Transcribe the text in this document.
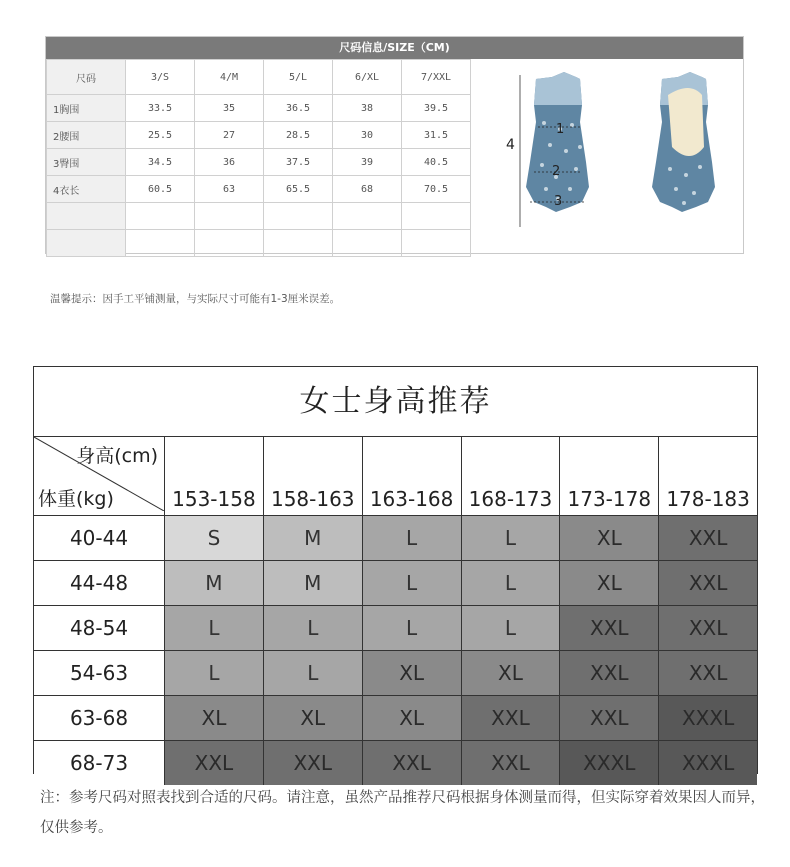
尺码信息/SIZE（CM)
尺码	3/S	4/M	5/L	6/XL	7/XXL
1胸围	33.5	35	36.5	38	39.5
2腰围	25.5	27	28.5	30	31.5
3臀围	34.5	36	37.5	39	40.5
4衣长	60.5	63	65.5	68	70.5

4
1
2
3
温馨提示：因手工平铺测量，与实际尺寸可能有1-3厘米误差。
女士身高推荐
身高(cm)
体重(kg)	153-158	158-163	163-168	168-173	173-178	178-183
40-44	S	M	L	L	XL	XXL
44-48	M	M	L	L	XL	XXL
48-54	L	L	L	L	XXL	XXL
54-63	L	L	XL	XL	XXL	XXL
63-68	XL	XL	XL	XXL	XXL	XXXL
68-73	XXL	XXL	XXL	XXL	XXXL	XXXL
注：参考尺码对照表找到合适的尺码。请注意，虽然产品推荐尺码根据身体测量而得，但实际穿着效果因人而异，仅供参考。
